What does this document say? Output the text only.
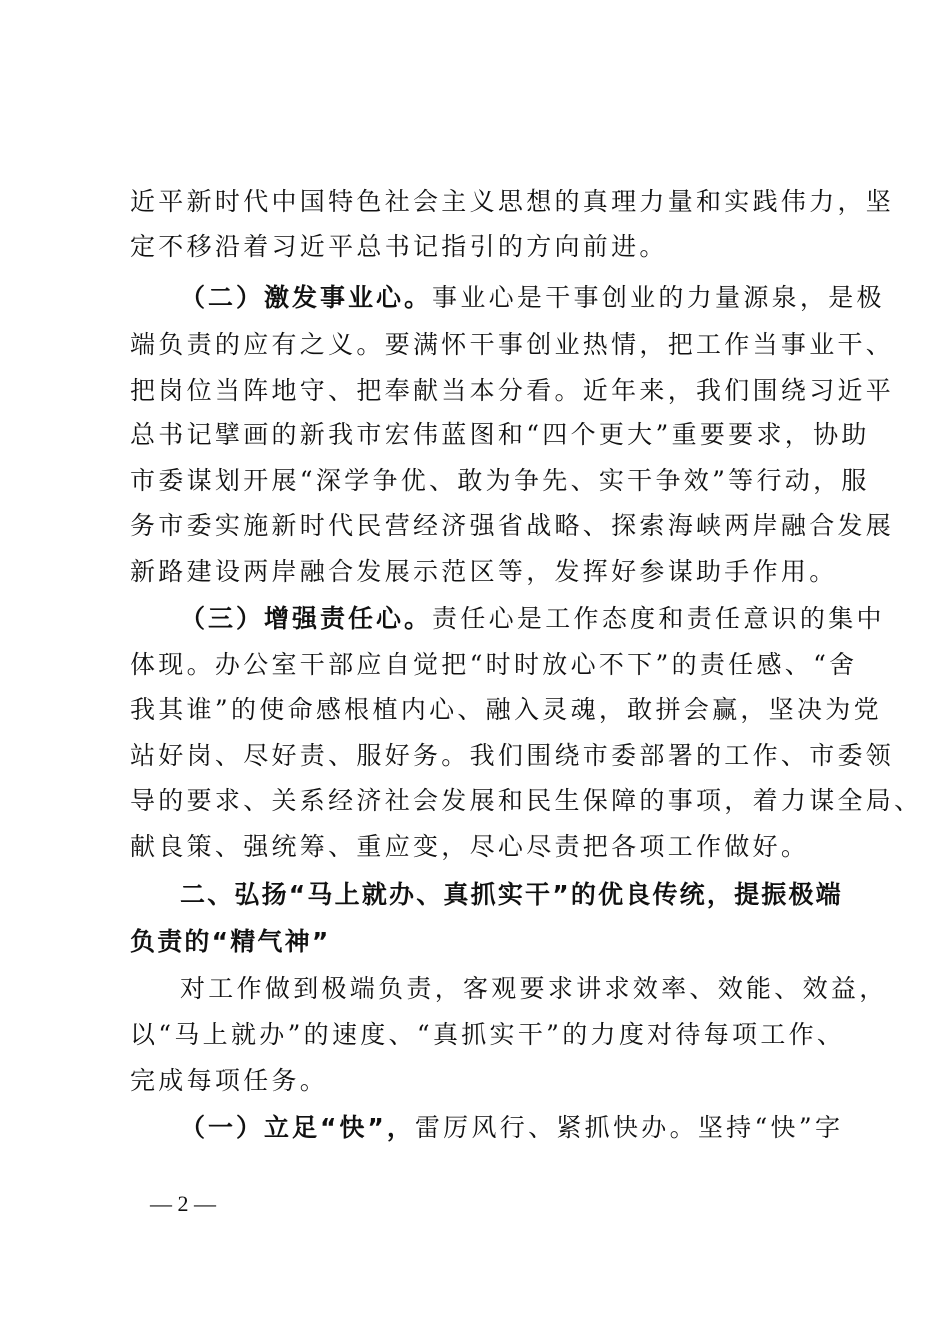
近平新时代中国特色社会主义思想的真理力量和实践伟力，坚
定不移沿着习近平总书记指引的方向前进。
（二）激发事业心。事业心是干事创业的力量源泉，是极
端负责的应有之义。要满怀干事创业热情，把工作当事业干、
把岗位当阵地守、把奉献当本分看。近年来，我们围绕习近平
总书记擘画的新我市宏伟蓝图和“四个更大”重要要求，协助
市委谋划开展“深学争优、敢为争先、实干争效”等行动，服
务市委实施新时代民营经济强省战略、探索海峡两岸融合发展
新路建设两岸融合发展示范区等，发挥好参谋助手作用。
（三）增强责任心。责任心是工作态度和责任意识的集中
体现。办公室干部应自觉把“时时放心不下”的责任感、“舍
我其谁”的使命感根植内心、融入灵魂，敢拼会赢，坚决为党
站好岗、尽好责、服好务。我们围绕市委部署的工作、市委领
导的要求、关系经济社会发展和民生保障的事项，着力谋全局、
献良策、强统筹、重应变，尽心尽责把各项工作做好。
二、弘扬“马上就办、真抓实干”的优良传统，提振极端
负责的“精气神”
对工作做到极端负责，客观要求讲求效率、效能、效益，
以“马上就办”的速度、“真抓实干”的力度对待每项工作、
完成每项任务。
（一）立足“快”，雷厉风行、紧抓快办。坚持“快”字
— 2 —
